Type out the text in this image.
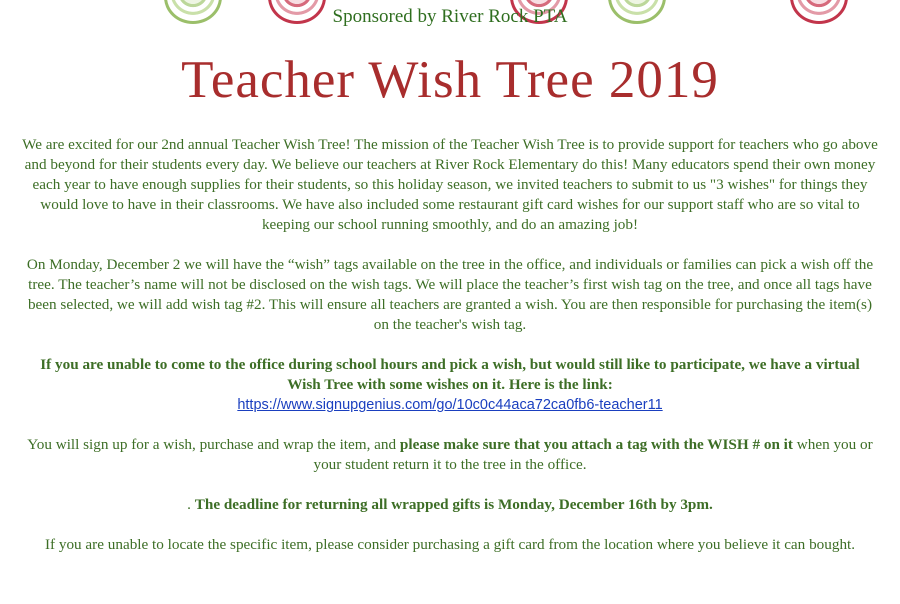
Sponsored by River Rock PTA
Teacher Wish Tree 2019

We are excited for our 2nd annual Teacher Wish Tree! The mission of the Teacher Wish Tree is to provide support for teachers who go above and beyond for their students every day. We believe our teachers at River Rock Elementary do this! Many educators spend their own money each year to have enough supplies for their students, so this holiday season, we invited teachers to submit to us "3 wishes" for things they would love to have in their classrooms. We have also included some restaurant gift card wishes for our support staff who are so vital to keeping our school running smoothly, and do an amazing job!

On Monday, December 2 we will have the “wish” tags available on the tree in the office, and individuals or families can pick a wish off the tree. The teacher’s name will not be disclosed on the wish tags. We will place the teacher’s first wish tag on the tree, and once all tags have been selected, we will add wish tag #2. This will ensure all teachers are granted a wish. You are then responsible for purchasing the item(s) on the teacher's wish tag.

If you are unable to come to the office during school hours and pick a wish, but would still like to participate, we have a virtual Wish Tree with some wishes on it. Here is the link:

https://www.signupgenius.com/go/10c0c44aca72ca0fb6-teacher11

You will sign up for a wish, purchase and wrap the item, and please make sure that you attach a tag with the WISH # on it when you or your student return it to the tree in the office.

. The deadline for returning all wrapped gifts is Monday, December 16th by 3pm.

If you are unable to locate the specific item, please consider purchasing a gift card from the location where you believe it can bought.
